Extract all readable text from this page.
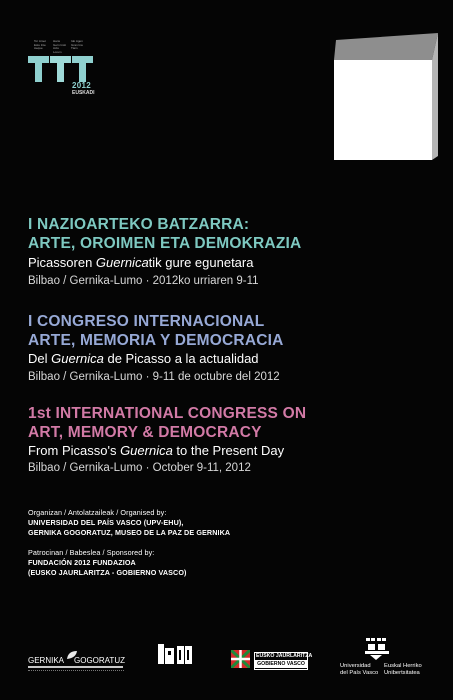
Tor Amet Estu Inte Aeque
Hans Gern Insti Actu Lorem
Ido Agen Gran Ina Tiam
2012
EUSKADI
I NAZIOARTEKO BATZARRA:
ARTE, OROIMEN ETA DEMOKRAZIA
Picassoren Guernicatik gure egunetara
Bilbao / Gernika-Lumo · 2012ko urriaren 9-11
I CONGRESO INTERNACIONAL
ARTE, MEMORIA Y DEMOCRACIA
Del Guernica de Picasso a la actualidad
Bilbao / Gernika-Lumo · 9-11 de octubre del 2012
1st INTERNATIONAL CONGRESS ON
ART, MEMORY & DEMOCRACY
From Picasso's Guernica to the Present Day
Bilbao / Gernika-Lumo · October 9-11, 2012
Organizan / Antolatzaileak / Organised by:
UNIVERSIDAD DEL PAÍS VASCO (UPV-EHU),
GERNIKA GOGORATUZ, MUSEO DE LA PAZ DE GERNIKA
Patrocinan / Babeslea / Sponsored by:
FUNDACIÓN 2012 FUNDAZIOA
(EUSKO JAURLARITZA - GOBIERNO VASCO)
GERNIKA GOGORATUZ	EUSKO JAURLARITZA
GOBIERNO VASCO	Universidad
del País Vasco
Euskal Herriko
Unibertsitatea
